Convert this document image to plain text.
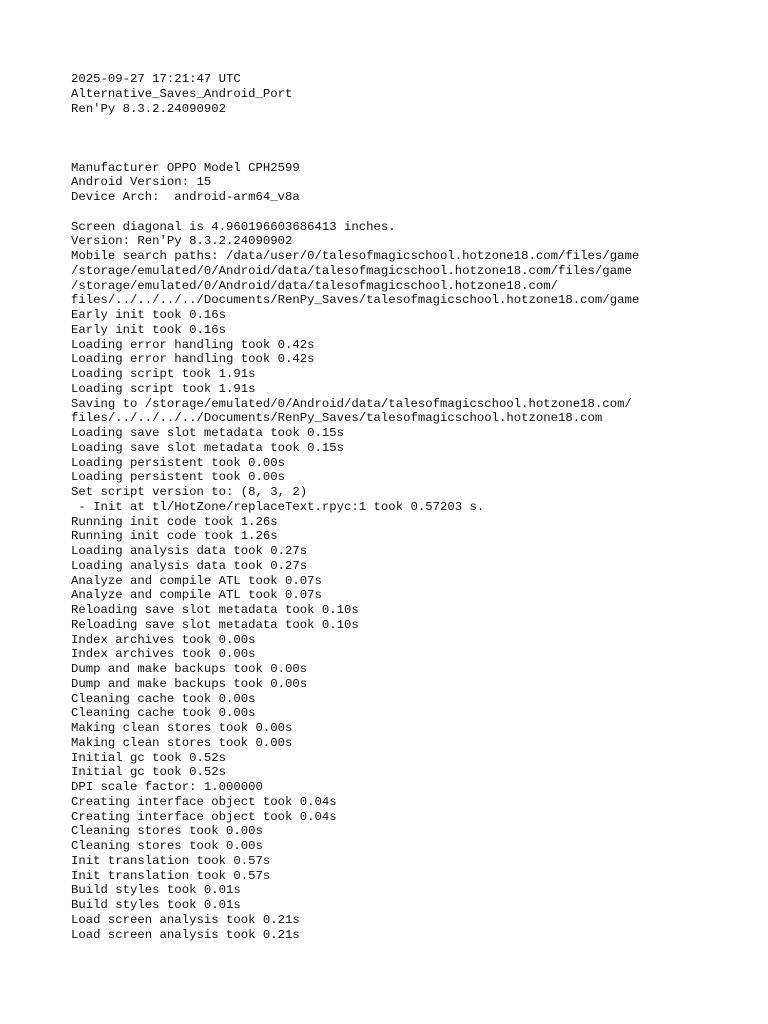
2025-09-27 17:21:47 UTC
Alternative_Saves_Android_Port
Ren'Py 8.3.2.24090902
Manufacturer OPPO Model CPH2599
Android Version: 15
Device Arch:  android-arm64_v8a
Screen diagonal is 4.960196603686413 inches.
Version: Ren'Py 8.3.2.24090902
Mobile search paths: /data/user/0/talesofmagicschool.hotzone18.com/files/game
/storage/emulated/0/Android/data/talesofmagicschool.hotzone18.com/files/game
/storage/emulated/0/Android/data/talesofmagicschool.hotzone18.com/
files/../../../../Documents/RenPy_Saves/talesofmagicschool.hotzone18.com/game
Early init took 0.16s
Early init took 0.16s
Loading error handling took 0.42s
Loading error handling took 0.42s
Loading script took 1.91s
Loading script took 1.91s
Saving to /storage/emulated/0/Android/data/talesofmagicschool.hotzone18.com/
files/../../../../Documents/RenPy_Saves/talesofmagicschool.hotzone18.com
Loading save slot metadata took 0.15s
Loading save slot metadata took 0.15s
Loading persistent took 0.00s
Loading persistent took 0.00s
Set script version to: (8, 3, 2)
- Init at tl/HotZone/replaceText.rpyc:1 took 0.57203 s.
Running init code took 1.26s
Running init code took 1.26s
Loading analysis data took 0.27s
Loading analysis data took 0.27s
Analyze and compile ATL took 0.07s
Analyze and compile ATL took 0.07s
Reloading save slot metadata took 0.10s
Reloading save slot metadata took 0.10s
Index archives took 0.00s
Index archives took 0.00s
Dump and make backups took 0.00s
Dump and make backups took 0.00s
Cleaning cache took 0.00s
Cleaning cache took 0.00s
Making clean stores took 0.00s
Making clean stores took 0.00s
Initial gc took 0.52s
Initial gc took 0.52s
DPI scale factor: 1.000000
Creating interface object took 0.04s
Creating interface object took 0.04s
Cleaning stores took 0.00s
Cleaning stores took 0.00s
Init translation took 0.57s
Init translation took 0.57s
Build styles took 0.01s
Build styles took 0.01s
Load screen analysis took 0.21s
Load screen analysis took 0.21s
